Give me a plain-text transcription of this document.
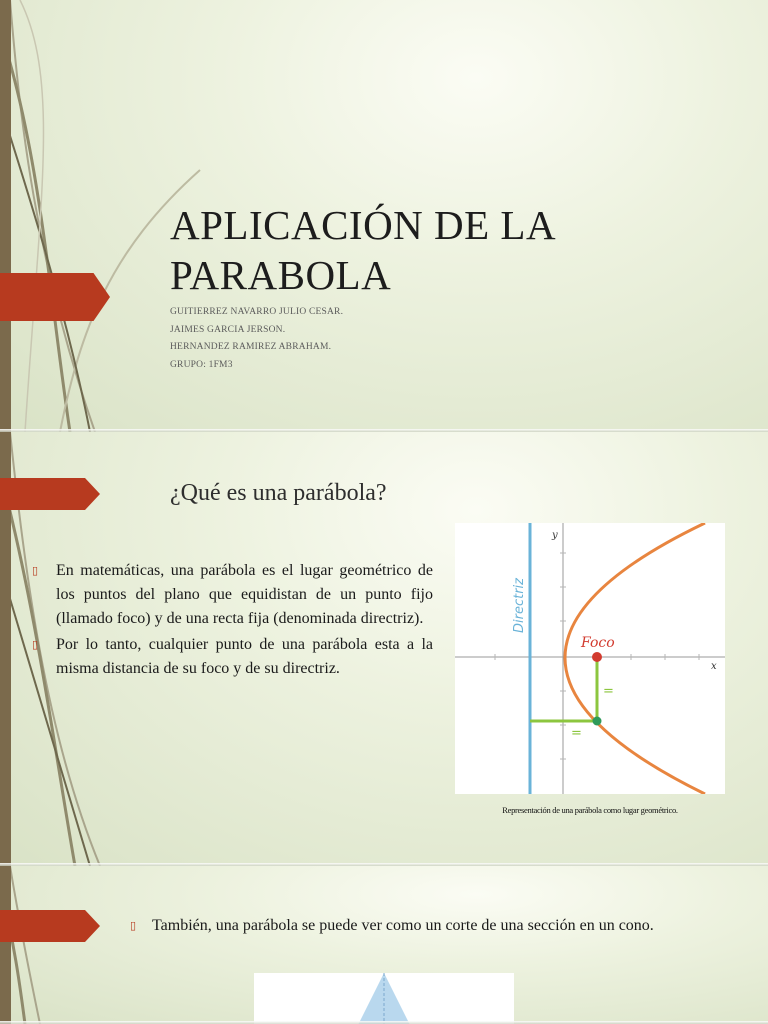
APLICACIÓN DE LA
PARABOLA
GUITIERREZ NAVARRO JULIO CESAR.
JAIMES GARCIA JERSON.
HERNANDEZ RAMIREZ ABRAHAM.
GRUPO: 1FM3
¿Qué es una parábola?
▯ En matemáticas, una parábola es el lugar geométrico de los puntos del plano que equidistan de un punto fijo (llamado foco) y de una recta fija (denominada directriz).

▯ Por lo tanto, cualquier punto de una parábola esta a la misma distancia de su foco y de su directriz.

Directriz
=
=
Foco
x
y
Representación de una parábola como lugar geométrico.
▯ También, una parábola se puede ver como un corte de una sección en un cono.
